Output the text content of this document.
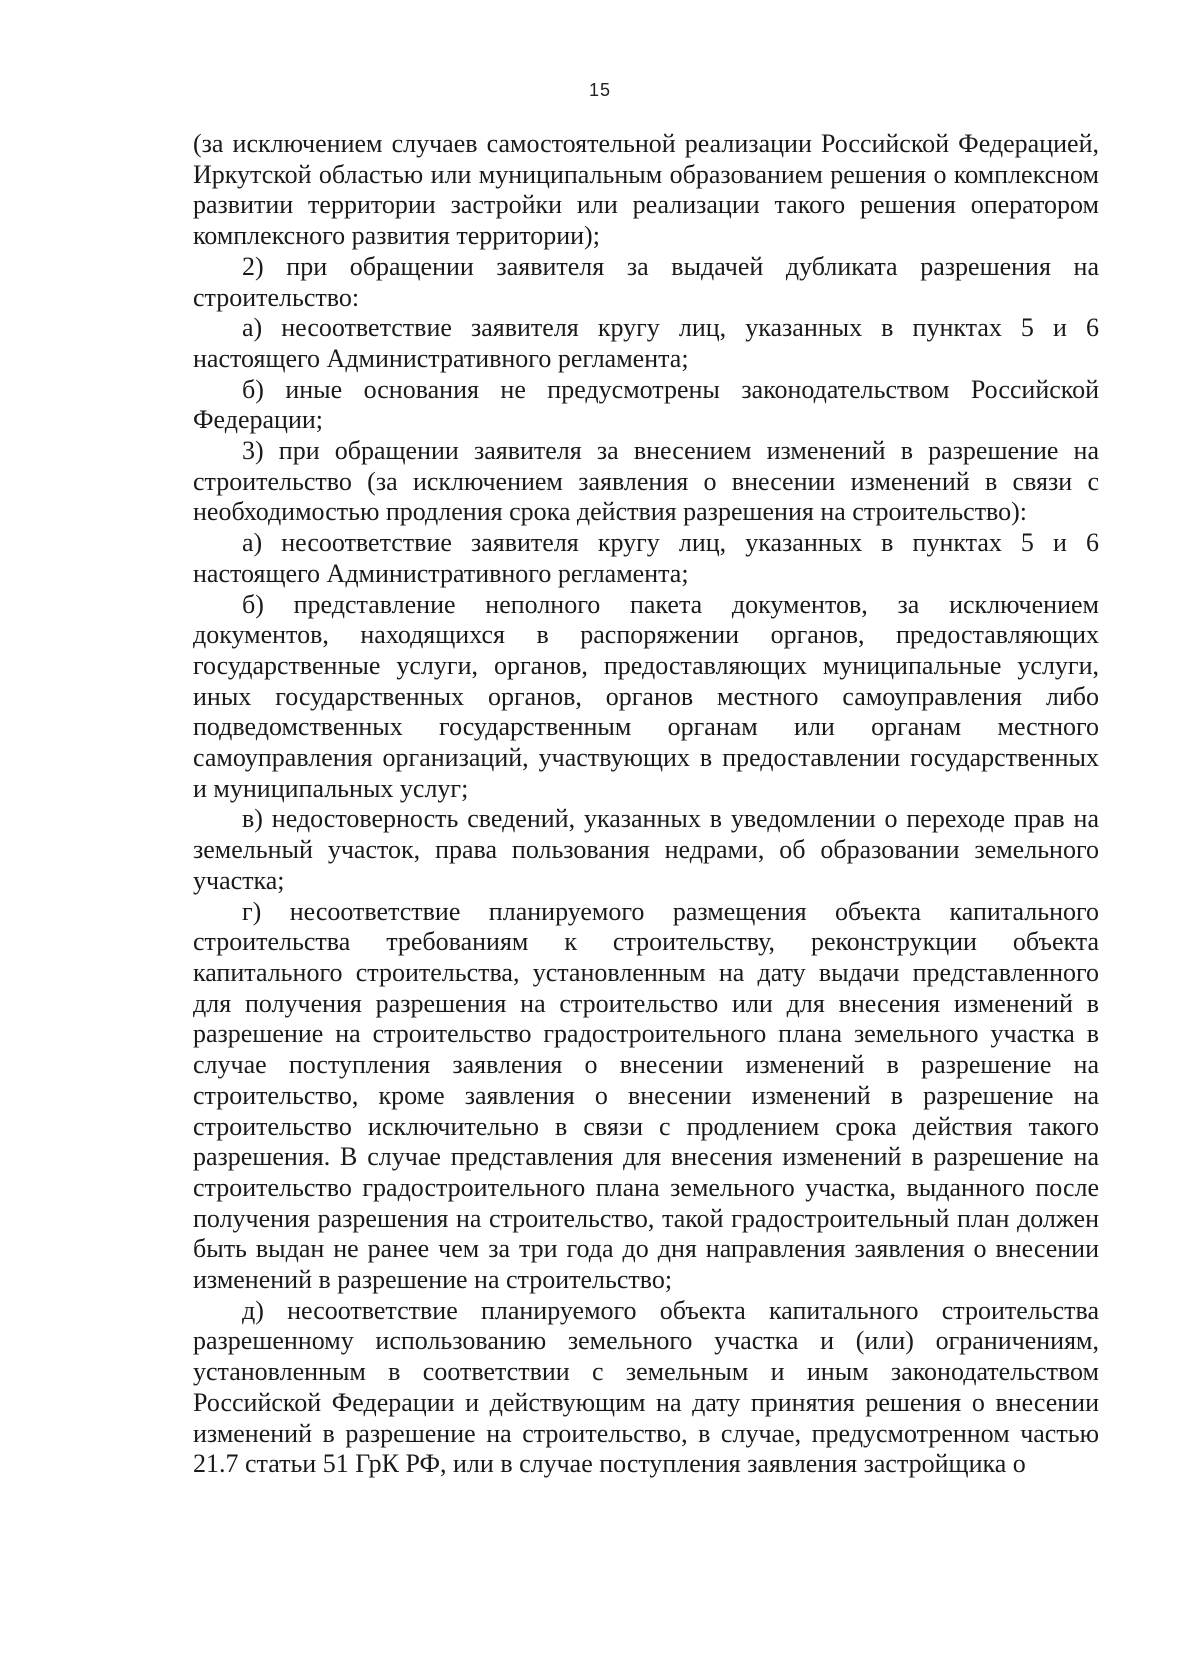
15

(за исключением случаев самостоятельной реализации Российской Федерацией, Иркутской областью или муниципальным образованием решения о комплексном развитии территории застройки или реализации такого решения оператором комплексного развития территории);

2) при обращении заявителя за выдачей дубликата разрешения на строительство:

а) несоответствие заявителя кругу лиц, указанных в пунктах 5 и 6 настоящего Административного регламента;

б) иные основания не предусмотрены законодательством Российской Федерации;

3) при обращении заявителя за внесением изменений в разрешение на строительство (за исключением заявления о внесении изменений в связи с необходимостью продления срока действия разрешения на строительство):

а) несоответствие заявителя кругу лиц, указанных в пунктах 5 и 6 настоящего Административного регламента;

б) представление неполного пакета документов, за исключением документов, находящихся в распоряжении органов, предоставляющих государственные услуги, органов, предоставляющих муниципальные услуги, иных государственных органов, органов местного самоуправления либо подведомственных государственным органам или органам местного самоуправления организаций, участвующих в предоставлении государственных и муниципальных услуг;

в) недостоверность сведений, указанных в уведомлении о переходе прав на земельный участок, права пользования недрами, об образовании земельного участка;

г) несоответствие планируемого размещения объекта капитального строительства требованиям к строительству, реконструкции объекта капитального строительства, установленным на дату выдачи представленного для получения разрешения на строительство или для внесения изменений в разрешение на строительство градостроительного плана земельного участка в случае поступления заявления о внесении изменений в разрешение на строительство, кроме заявления о внесении изменений в разрешение на строительство исключительно в связи с продлением срока действия такого разрешения. В случае представления для внесения изменений в разрешение на строительство градостроительного плана земельного участка, выданного после получения разрешения на строительство, такой градостроительный план должен быть выдан не ранее чем за три года до дня направления заявления о внесении изменений в разрешение на строительство;

д) несоответствие планируемого объекта капитального строительства разрешенному использованию земельного участка и (или) ограничениям, установленным в соответствии с земельным и иным законодательством Российской Федерации и действующим на дату принятия решения о внесении изменений в разрешение на строительство, в случае, предусмотренном частью 21.7 статьи 51 ГрК РФ, или в случае поступления заявления застройщика о
